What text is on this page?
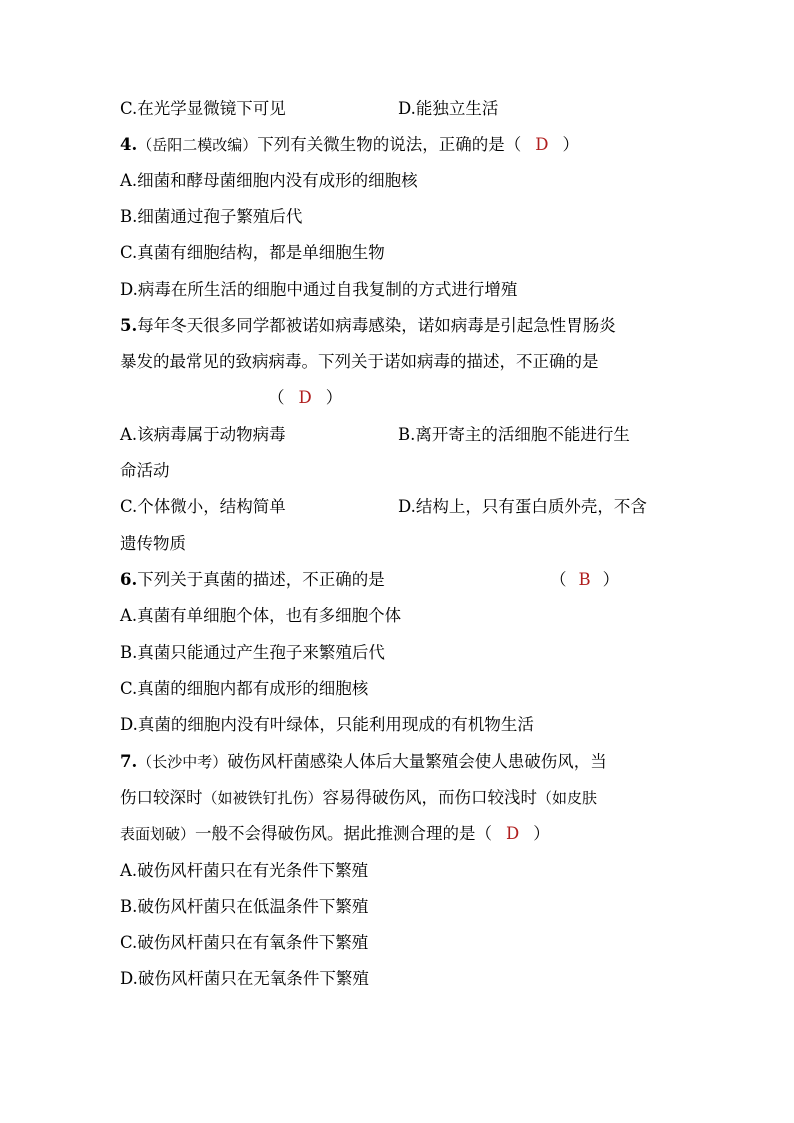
C.在光学显微镜下可见	D.能独立生活
4.（岳阳二模改编）下列有关微生物的说法，正确的是（ D ）
A.细菌和酵母菌细胞内没有成形的细胞核
B.细菌通过孢子繁殖后代
C.真菌有细胞结构，都是单细胞生物
D.病毒在所生活的细胞中通过自我复制的方式进行增殖
5.每年冬天很多同学都被诺如病毒感染，诺如病毒是引起急性胃肠炎
暴发的最常见的致病病毒。下列关于诺如病毒的描述，不正确的是
（ D ）
A.该病毒属于动物病毒	B.离开寄主的活细胞不能进行生
命活动
C.个体微小，结构简单	D.结构上，只有蛋白质外壳，不含
遗传物质
6.下列关于真菌的描述，不正确的是	（ B ）
A.真菌有单细胞个体，也有多细胞个体
B.真菌只能通过产生孢子来繁殖后代
C.真菌的细胞内都有成形的细胞核
D.真菌的细胞内没有叶绿体，只能利用现成的有机物生活
7.（长沙中考）破伤风杆菌感染人体后大量繁殖会使人患破伤风，当
伤口较深时（如被铁钉扎伤）容易得破伤风，而伤口较浅时（如皮肤
表面划破）一般不会得破伤风。据此推测合理的是（ D ）
A.破伤风杆菌只在有光条件下繁殖
B.破伤风杆菌只在低温条件下繁殖
C.破伤风杆菌只在有氧条件下繁殖
D.破伤风杆菌只在无氧条件下繁殖
